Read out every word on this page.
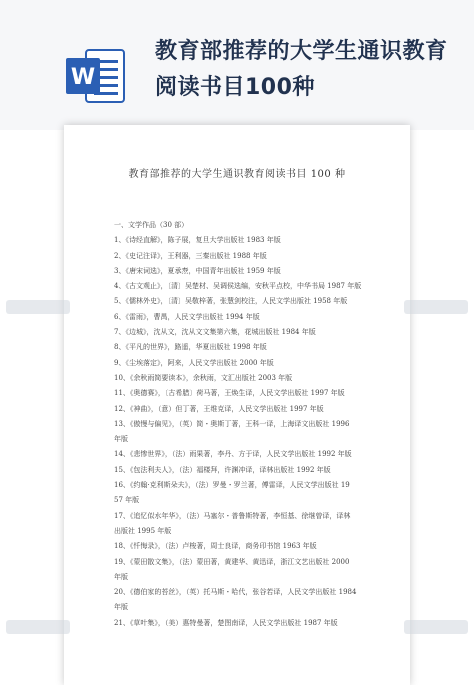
W
教育部推荐的大学生通识教育阅读书目100种
教育部推荐的大学生通识教育阅读书目 100 种
一、文学作品（30 部）
1、《诗经直解》，陈子展，复旦大学出版社 1983 年版
2、《史记注译》，王利器，三秦出版社 1988 年版
3、《唐宋词选》，夏承焘，中国青年出版社 1959 年版
4、《古文观止》，〔清〕吴楚材、吴调侯选编，安秋平点校，中华书局 1987 年版
5、《儒林外史》，〔清〕吴敬梓著，张慧剑校注，人民文学出版社 1958 年版
6、《雷雨》，曹禺，人民文学出版社 1994 年版
7、《边城》，沈从文，沈从文文集第六集，花城出版社 1984 年版
8、《平凡的世界》，路遥，华夏出版社 1998 年版
9、《尘埃落定》，阿来，人民文学出版社 2000 年版
10、《余秋雨简要读本》，余秋雨，文汇出版社 2003 年版
11、《奥德赛》，〔古希腊〕荷马著，王焕生译，人民文学出版社 1997 年版
12、《神曲》，（意）但丁著，王维克译，人民文学出版社 1997 年版
13、《傲慢与偏见》，（英）简・奥斯丁著，王科一译，上海译文出版社 1996
年版
14、《悲惨世界》，（法）雨果著，李丹、方于译，人民文学出版社 1992 年版
15、《包法利夫人》，（法）福楼拜，许渊冲译，译林出版社 1992 年版
16、《约翰·克利斯朵夫》，（法）罗曼・罗兰著，傅雷译，人民文学出版社 19
57 年版
17、《追忆似水年华》，（法）马塞尔・普鲁斯特著，李恒基、徐继曾译，译林
出版社 1995 年版
18、《忏悔录》，（法）卢梭著，周士良译，商务印书馆 1963 年版
19、《蒙田散文集》，（法）蒙田著，黄建华、黄迅译，浙江文艺出版社 2000
年版
20、《德伯家的苔丝》，（英）托马斯・哈代，张谷若译，人民文学出版社 1984
年版
21、《草叶集》，（美）惠特曼著，楚图南译，人民文学出版社 1987 年版
